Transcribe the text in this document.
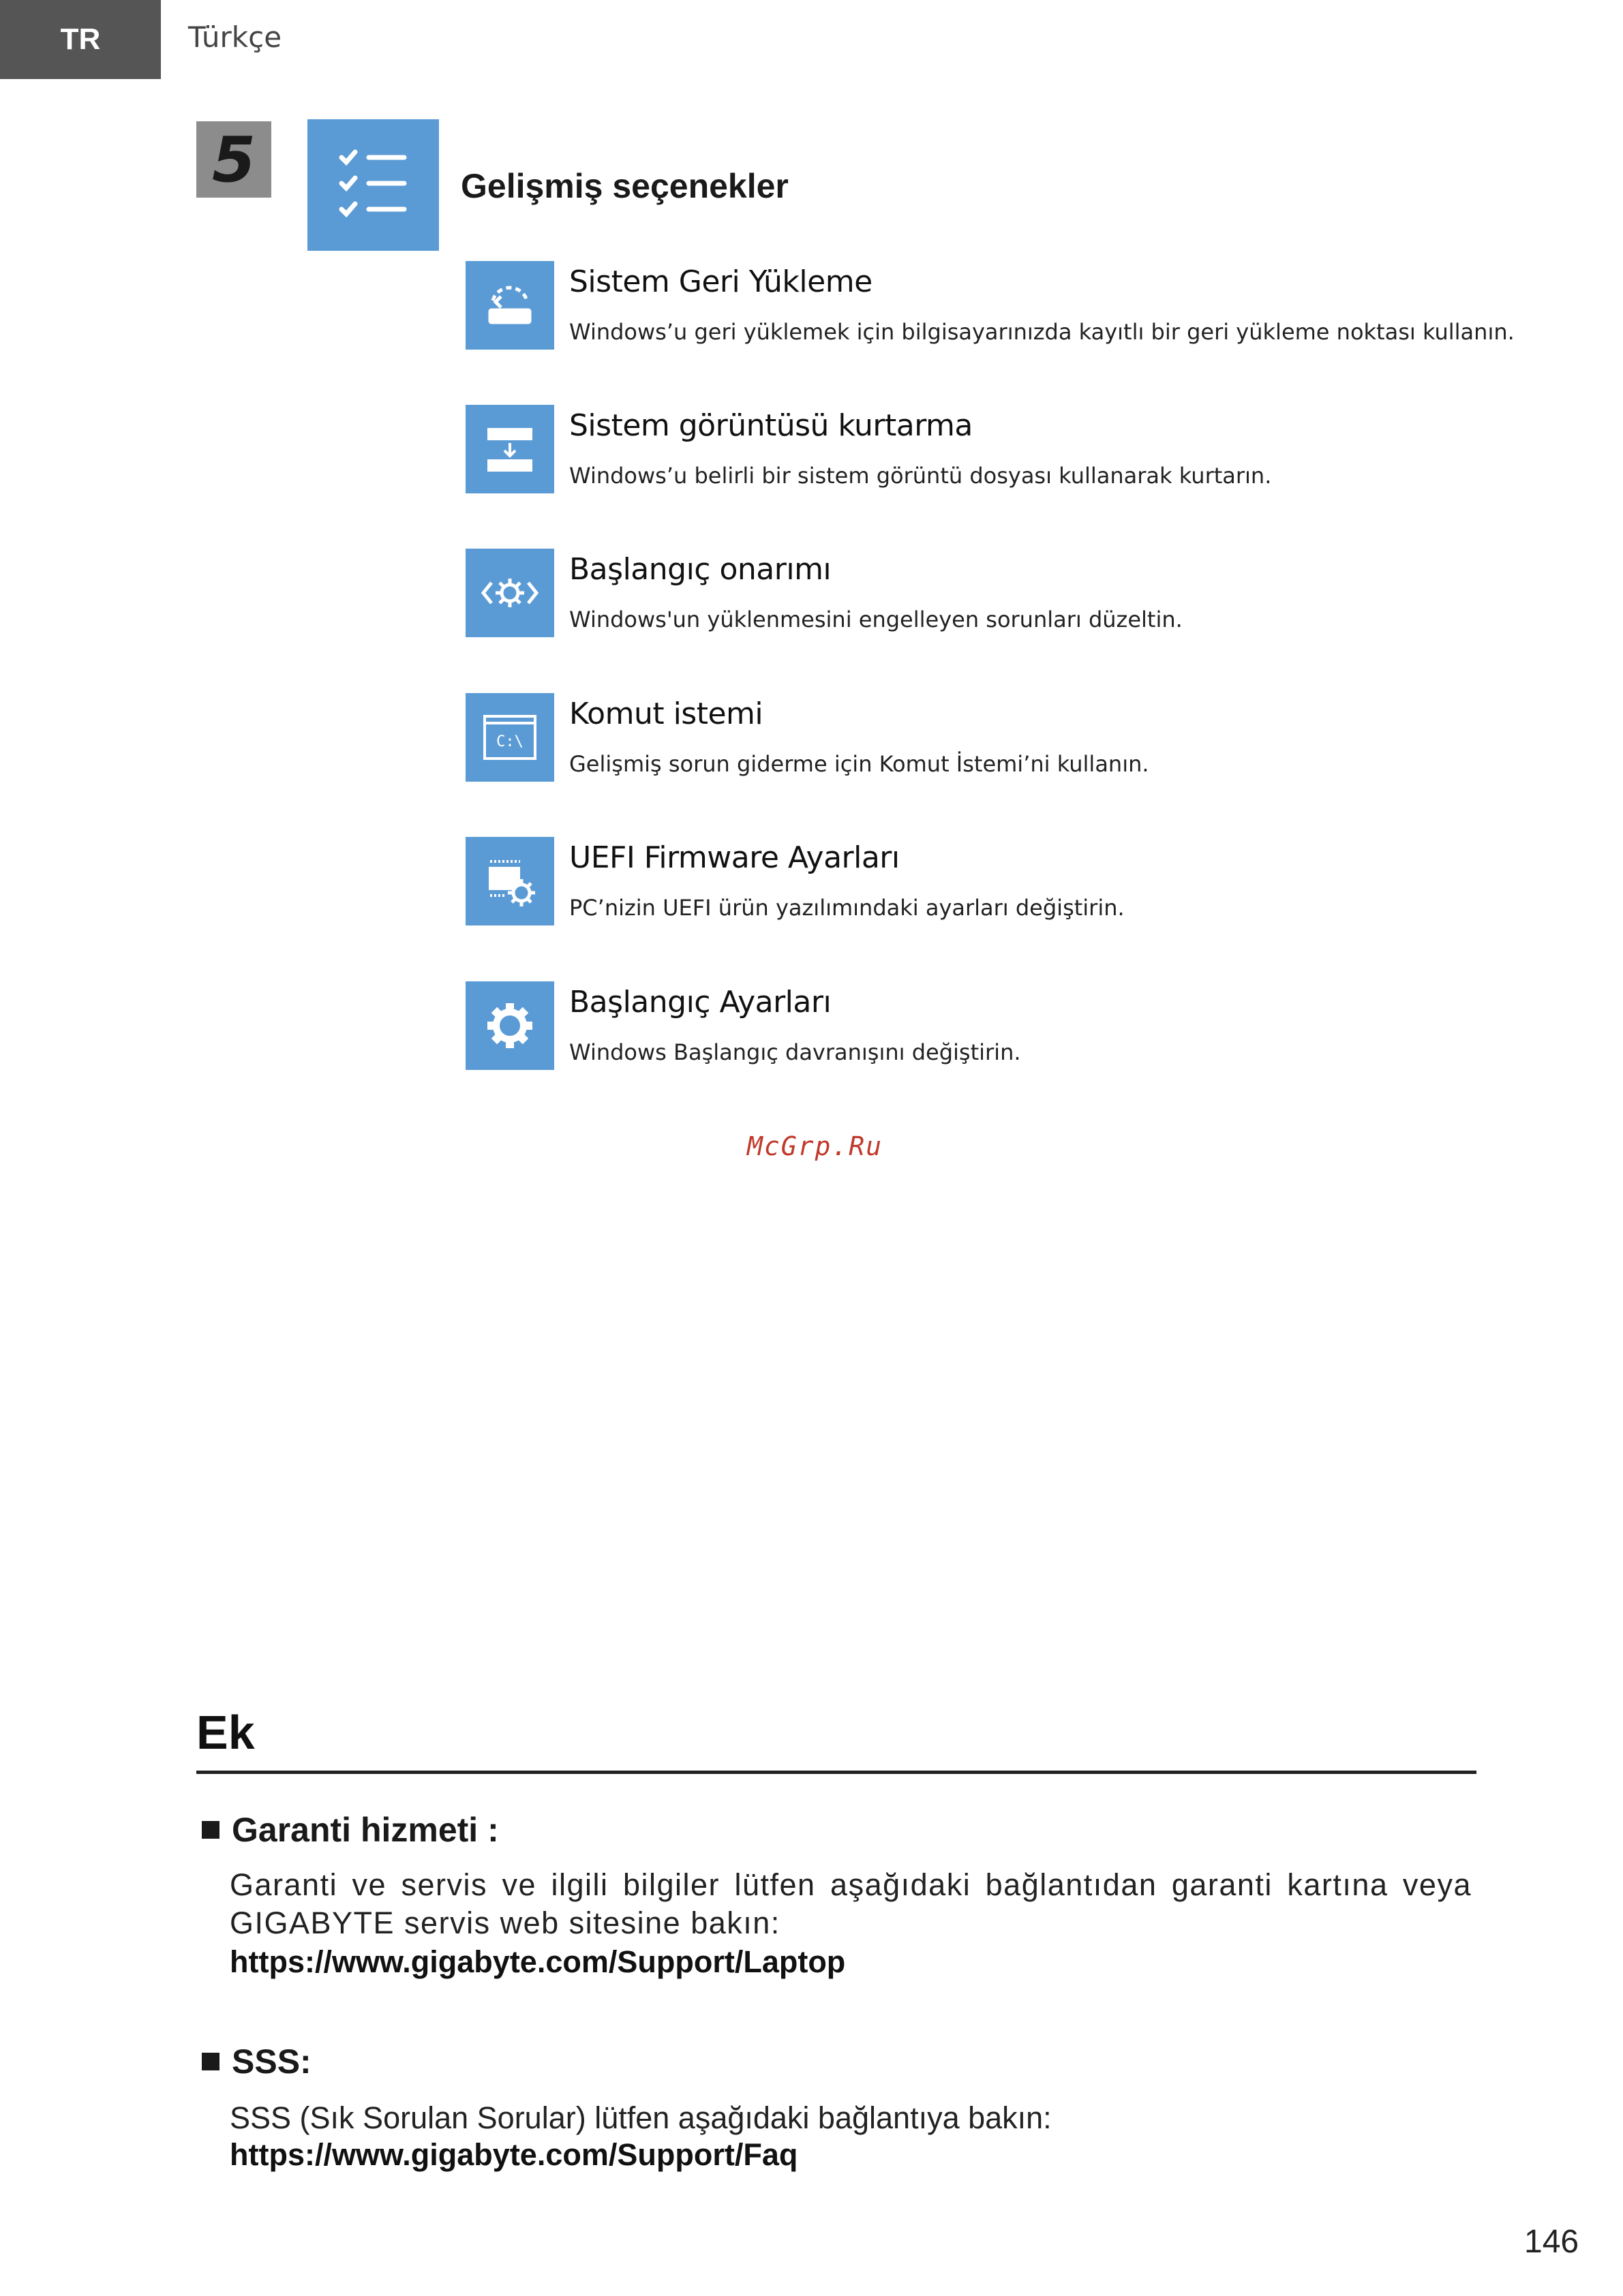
TR	Türkçe
5	Gelişmiş seçenekler
Sistem Geri Yükleme
Windows’u geri yüklemek için bilgisayarınızda kayıtlı bir geri yükleme noktası kullanın.
Sistem görüntüsü kurtarma
Windows’u belirli bir sistem görüntü dosyası kullanarak kurtarın.
Başlangıç onarımı
Windows'un yüklenmesini engelleyen sorunları düzeltin.
C:\
Komut istemi
Gelişmiş sorun giderme için Komut İstemi’ni kullanın.
UEFI Firmware Ayarları
PC’nizin UEFI ürün yazılımındaki ayarları değiştirin.
Başlangıç Ayarları
Windows Başlangıç davranışını değiştirin.
McGrp.Ru
Ek
Garanti hizmeti :
Garanti ve servis ve ilgili bilgiler lütfen aşağıdaki bağlantıdan garanti kartına veya GIGABYTE servis web sitesine bakın:
https://www.gigabyte.com/Support/Laptop
SSS:
SSS (Sık Sorulan Sorular) lütfen aşağıdaki bağlantıya bakın:
https://www.gigabyte.com/Support/Faq
146
